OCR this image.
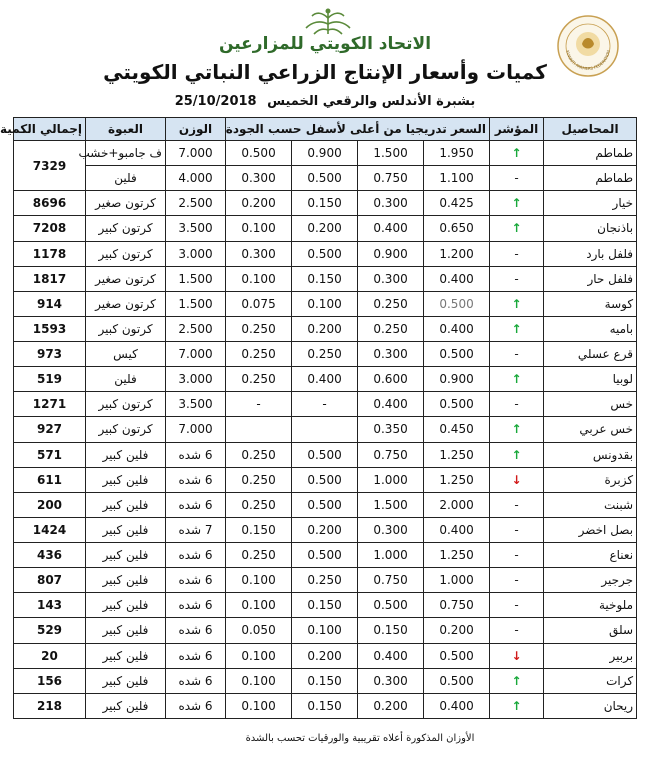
الاتحاد الكويتي للمزارعين
كميات وأسعار الإنتاج الزراعي النباتي الكويتي
بشبرة الأندلس والرقعي الخميس 25/10/2018
KUWAITI FARMERS FEDERATION
المحاصيل	المؤشر	السعر تدريجيا من أعلى لأسفل حسب الجودة				الوزن	العبوة	إجمالي الكمية
طماطم	↑	1.950	1.500	0.900	0.500	7.000	ف جامبو+خشب	7329
طماطم	-	1.100	0.750	0.500	0.300	4.000	فلين	
خيار	↑	0.425	0.300	0.150	0.200	2.500	كرتون صغير	8696
باذنجان	↑	0.650	0.400	0.200	0.100	3.500	كرتون كبير	7208
فلفل بارد	-	1.200	0.900	0.500	0.300	3.000	كرتون كبير	1178
فلفل حار	-	0.400	0.300	0.150	0.100	1.500	كرتون صغير	1817
كوسة	↑	0.500	0.250	0.100	0.075	1.500	كرتون صغير	914
باميه	↑	0.400	0.250	0.200	0.250	2.500	كرتون كبير	1593
قرع عسلي	-	0.500	0.300	0.250	0.250	7.000	كيس	973
لوبيا	↑	0.900	0.600	0.400	0.250	3.000	فلين	519
خس	-	0.500	0.400	-	-	3.500	كرتون كبير	1271
خس عربي	↑	0.450	0.350			7.000	كرتون كبير	927
بقدونس	↑	1.250	0.750	0.500	0.250	6 شده	فلين كبير	571
كزبرة	↓	1.250	1.000	0.500	0.250	6 شده	فلين كبير	611
شبنت	-	2.000	1.500	0.500	0.250	6 شده	فلين كبير	200
بصل اخضر	-	0.400	0.300	0.200	0.150	7 شده	فلين كبير	1424
نعناع	-	1.250	1.000	0.500	0.250	6 شده	فلين كبير	436
جرجير	-	1.000	0.750	0.250	0.100	6 شده	فلين كبير	807
ملوخية	-	0.750	0.500	0.150	0.100	6 شده	فلين كبير	143
سلق	-	0.200	0.150	0.100	0.050	6 شده	فلين كبير	529
بربير	↓	0.500	0.400	0.200	0.100	6 شده	فلين كبير	20
كرات	↑	0.500	0.300	0.150	0.100	6 شده	فلين كبير	156
ريحان	↑	0.400	0.200	0.150	0.100	6 شده	فلين كبير	218
الأوزان المذكورة أعلاه تقريبية والورقيات تحسب بالشدة
